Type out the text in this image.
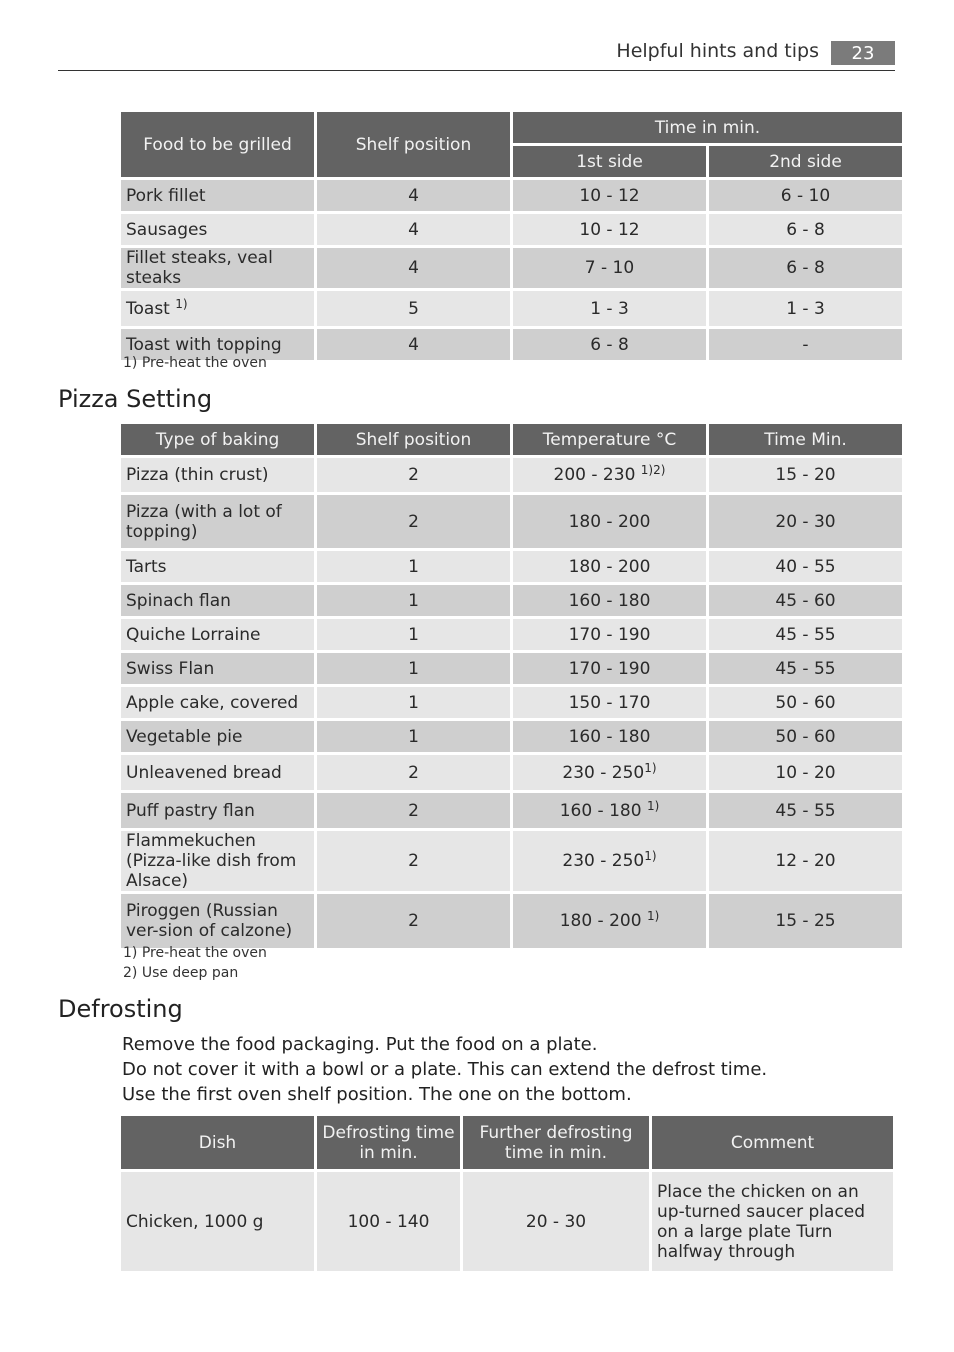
Helpful hints and tips	23
Food to be grilled	Shelf position	Time in min.	
		1st side	2nd side
Pork fillet	4	10 - 12	6 - 10
Sausages	4	10 - 12	6 - 8
Fillet steaks, veal steaks	4	7 - 10	6 - 8
Toast $^{1)}$	5	1 - 3	1 - 3
Toast with topping	4	6 - 8	-
1) Pre-heat the oven
Pizza Setting
Type of baking	Shelf position	Temperature °C	Time Min.
Pizza (thin crust)	2	200 - 230 $^{1)2)}$	15 - 20
Pizza (with a lot of topping)	2	180 - 200	20 - 30
Tarts	1	180 - 200	40 - 55
Spinach flan	1	160 - 180	45 - 60
Quiche Lorraine	1	170 - 190	45 - 55
Swiss Flan	1	170 - 190	45 - 55
Apple cake, covered	1	150 - 170	50 - 60
Vegetable pie	1	160 - 180	50 - 60
Unleavened bread	2	230 - 250$^{1)}$	10 - 20
Puff pastry flan	2	160 - 180 $^{1)}$	45 - 55
Flammekuchen (Pizza-like dish from Alsace)	2	230 - 250$^{1)}$	12 - 20
Piroggen (Russian ver-sion of calzone)	2	180 - 200 $^{1)}$	15 - 25
1) Pre-heat the oven
2) Use deep pan
Defrosting
Remove the food packaging. Put the food on a plate.
Do not cover it with a bowl or a plate. This can extend the defrost time.
Use the first oven shelf position. The one on the bottom.
Dish	Defrosting time in min.	Further defrosting time in min.	Comment
Chicken, 1000 g	100 - 140	20 - 30	Place the chicken on an up-turned saucer placed on a large plate Turn halfway through
